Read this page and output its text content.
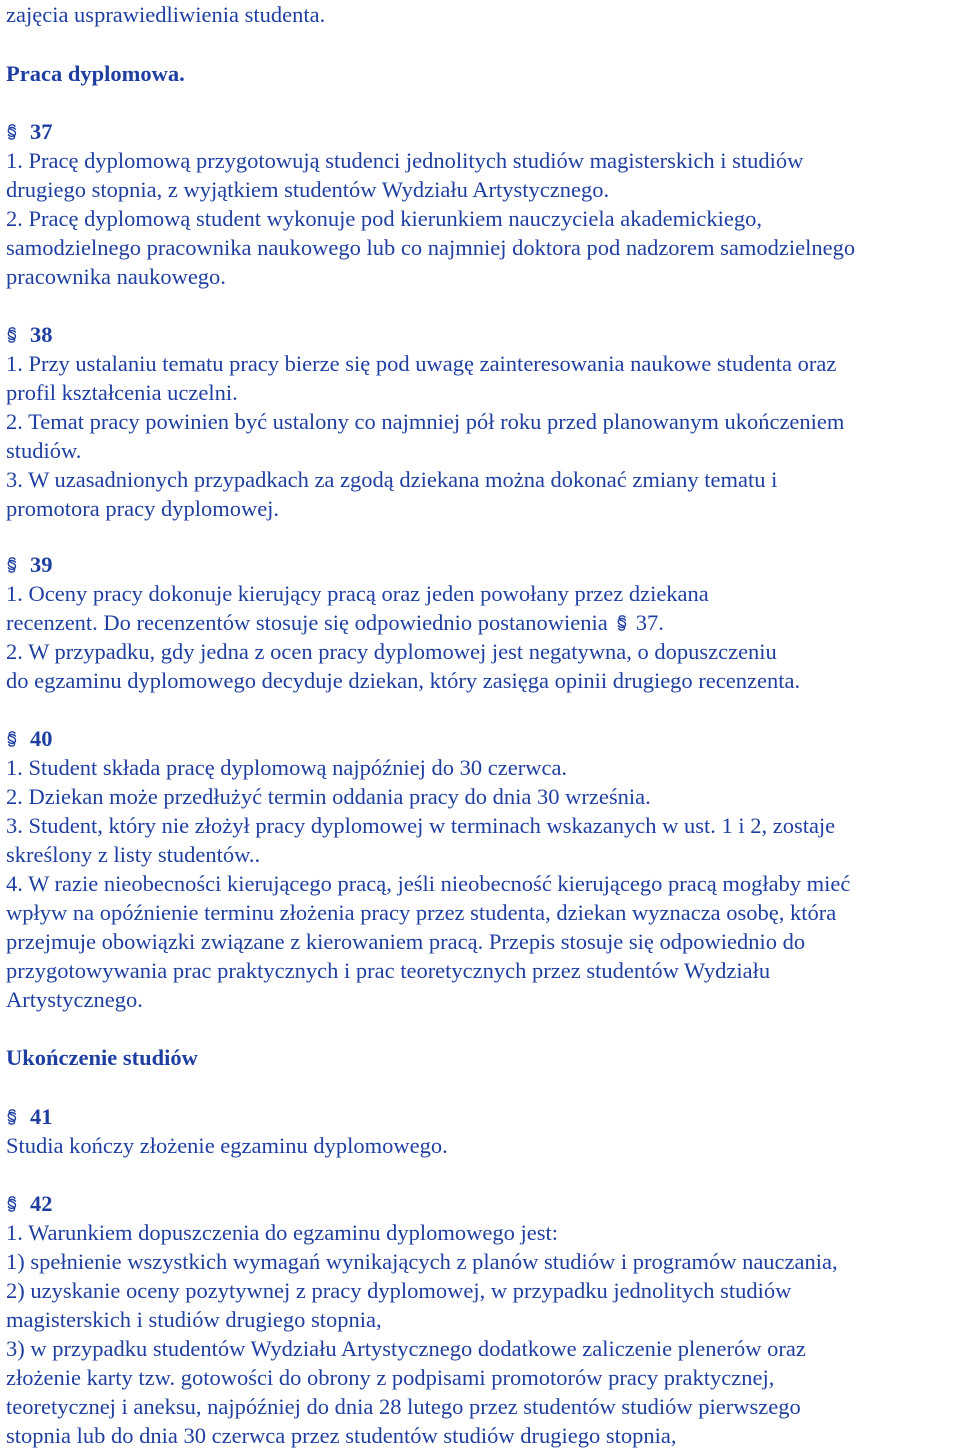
zajęcia usprawiedliwienia studenta.

Praca dyplomowa.

37

1. Pracę dyplomową przygotowują studenci jednolitych studiów magisterskich i studiów

drugiego stopnia, z wyjątkiem studentów Wydziału Artystycznego.

2. Pracę dyplomową student wykonuje pod kierunkiem nauczyciela akademickiego,

samodzielnego pracownika naukowego lub co najmniej doktora pod nadzorem samodzielnego

pracownika naukowego.

38

1. Przy ustalaniu tematu pracy bierze się pod uwagę zainteresowania naukowe studenta oraz

profil kształcenia uczelni.

2. Temat pracy powinien być ustalony co najmniej pół roku przed planowanym ukończeniem

studiów.

3. W uzasadnionych przypadkach za zgodą dziekana można dokonać zmiany tematu i

promotora pracy dyplomowej.

39

1. Oceny pracy dokonuje kierujący pracą oraz jeden powołany przez dziekana

recenzent. Do recenzentów stosuje się odpowiednio postanowienia 37.

2. W przypadku, gdy jedna z ocen pracy dyplomowej jest negatywna, o dopuszczeniu

do egzaminu dyplomowego decyduje dziekan, który zasięga opinii drugiego recenzenta.

40

1. Student składa pracę dyplomową najpóźniej do 30 czerwca.

2. Dziekan może przedłużyć termin oddania pracy do dnia 30 września.

3. Student, który nie złożył pracy dyplomowej w terminach wskazanych w ust. 1 i 2, zostaje

skreślony z listy studentów..

4. W razie nieobecności kierującego pracą, jeśli nieobecność kierującego pracą mogłaby mieć

wpływ na opóźnienie terminu złożenia pracy przez studenta, dziekan wyznacza osobę, która

przejmuje obowiązki związane z kierowaniem pracą. Przepis stosuje się odpowiednio do

przygotowywania prac praktycznych i prac teoretycznych przez studentów Wydziału

Artystycznego.

Ukończenie studiów

41

Studia kończy złożenie egzaminu dyplomowego.

42

1. Warunkiem dopuszczenia do egzaminu dyplomowego jest:

1) spełnienie wszystkich wymagań wynikających z planów studiów i programów nauczania,

2) uzyskanie oceny pozytywnej z pracy dyplomowej, w przypadku jednolitych studiów

magisterskich i studiów drugiego stopnia,

3) w przypadku studentów Wydziału Artystycznego dodatkowe zaliczenie plenerów oraz

złożenie karty tzw. gotowości do obrony z podpisami promotorów pracy praktycznej,

teoretycznej i aneksu, najpóźniej do dnia 28 lutego przez studentów studiów pierwszego

stopnia lub do dnia 30 czerwca przez studentów studiów drugiego stopnia,
